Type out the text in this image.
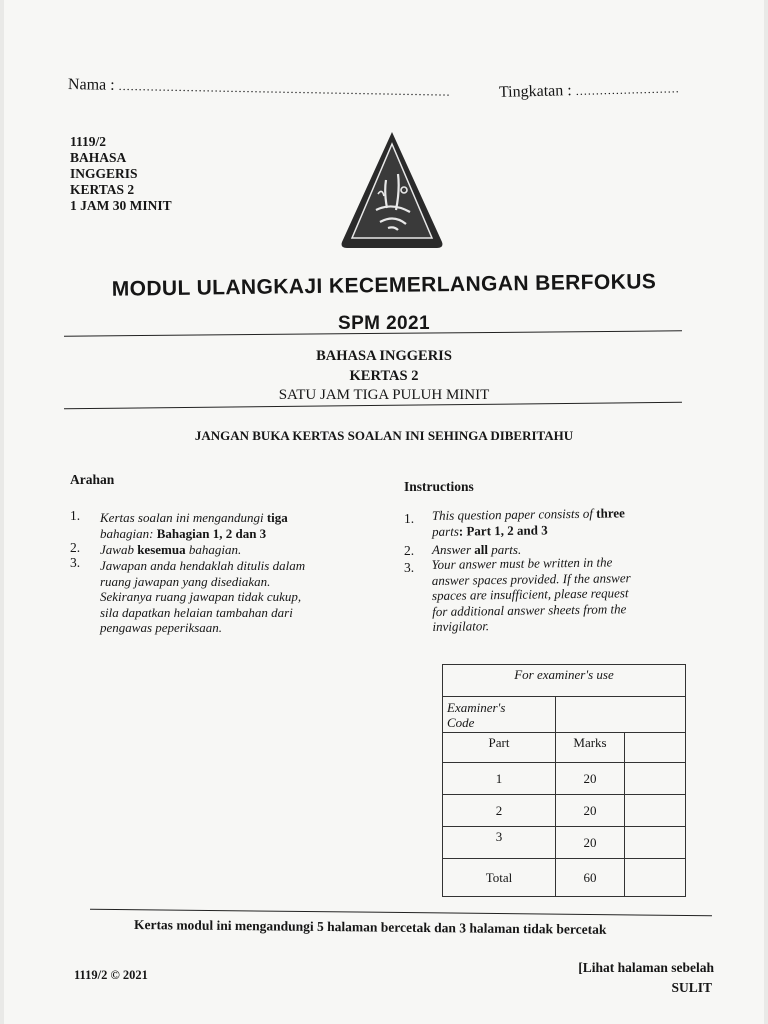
Nama : ...................................................................................	Tingkatan : ..........................
1119/2
BAHASA
INGGERIS
KERTAS 2
1 JAM 30 MINIT
MODUL ULANGKAJI KECEMERLANGAN BERFOKUS
SPM 2021
BAHASA INGGERIS
KERTAS 2
SATU JAM TIGA PULUH MINIT
JANGAN BUKA KERTAS SOALAN INI SEHINGA DIBERITAHU
Arahan
1. Kertas soalan ini mengandungi tiga
bahagian: Bahagian 1, 2 dan 3
2. Jawab kesemua bahagian.
3. Jawapan anda hendaklah ditulis dalam
ruang jawapan yang disediakan.
Sekiranya ruang jawapan tidak cukup,
sila dapatkan helaian tambahan dari
pengawas peperiksaan.
Instructions
1. This question paper consists of three
parts: Part 1, 2 and 3
2. Answer all parts.
3. Your answer must be written in the
answer spaces provided. If the answer
spaces are insufficient, please request
for additional answer sheets from the
invigilator.
For examiner's use		

Examiner's
Code		

Part	Marks	
1	20	
2	20	
3	20	
Total	60	
Kertas modul ini mengandungi 5 halaman bercetak dan 3 halaman tidak bercetak
1119/2 © 2021	[Lihat halaman sebelah
SULIT
